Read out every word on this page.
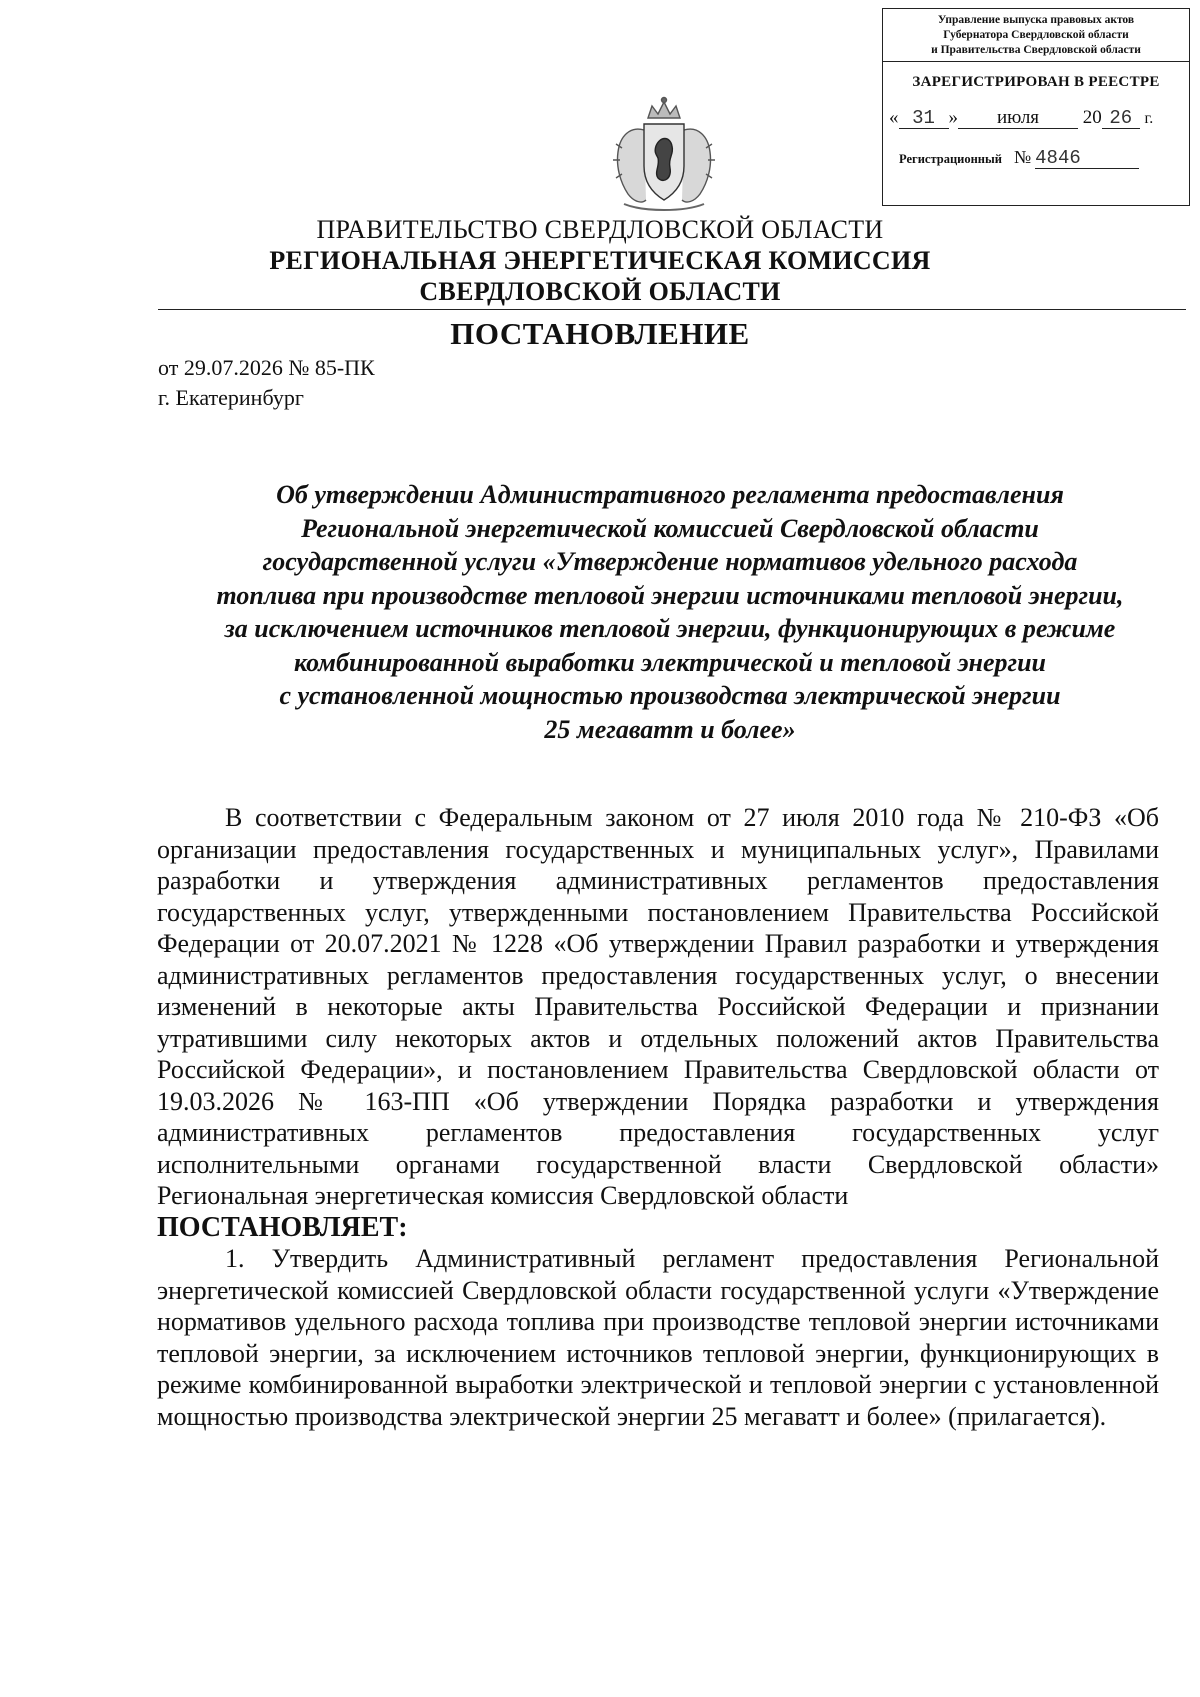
Управление выпуска правовых актов
Губернатора Свердловской области
и Правительства Свердловской области
ЗАРЕГИСТРИРОВАН В РЕЕСТРЕ
« 31 » июля 20 26 г.
Регистрационный № 4846
ПРАВИТЕЛЬСТВО СВЕРДЛОВСКОЙ ОБЛАСТИ
РЕГИОНАЛЬНАЯ ЭНЕРГЕТИЧЕСКАЯ КОМИССИЯ
СВЕРДЛОВСКОЙ ОБЛАСТИ
ПОСТАНОВЛЕНИЕ
от 29.07.2026 № 85-ПК
г. Екатеринбург
Об утверждении Административного регламента предоставления
Региональной энергетической комиссией Свердловской области
государственной услуги «Утверждение нормативов удельного расхода
топлива при производстве тепловой энергии источниками тепловой энергии,
за исключением источников тепловой энергии, функционирующих в режиме
комбинированной выработки электрической и тепловой энергии
с установленной мощностью производства электрической энергии
25 мегаватт и более»

В соответствии с Федеральным законом от 27 июля 2010 года № 210-ФЗ «Об организации предоставления государственных и муниципальных услуг», Правилами разработки и утверждения административных регламентов предоставления государственных услуг, утвержденными постановлением Правительства Российской Федерации от 20.07.2021 № 1228 «Об утверждении Правил разработки и утверждения административных регламентов предоставления государственных услуг, о внесении изменений в некоторые акты Правительства Российской Федерации и признании утратившими силу некоторых актов и отдельных положений актов Правительства Российской Федерации», и постановлением Правительства Свердловской области от 19.03.2026 № 163-ПП «Об утверждении Порядка разработки и утверждения административных регламентов предоставления государственных услуг исполнительными органами государственной власти Свердловской области» Региональная энергетическая комиссия Свердловской области

ПОСТАНОВЛЯЕТ:

1. Утвердить Административный регламент предоставления Региональной энергетической комиссией Свердловской области государственной услуги «Утверждение нормативов удельного расхода топлива при производстве тепловой энергии источниками тепловой энергии, за исключением источников тепловой энергии, функционирующих в режиме комбинированной выработки электрической и тепловой энергии с установленной мощностью производства электрической энергии 25 мегаватт и более» (прилагается).
